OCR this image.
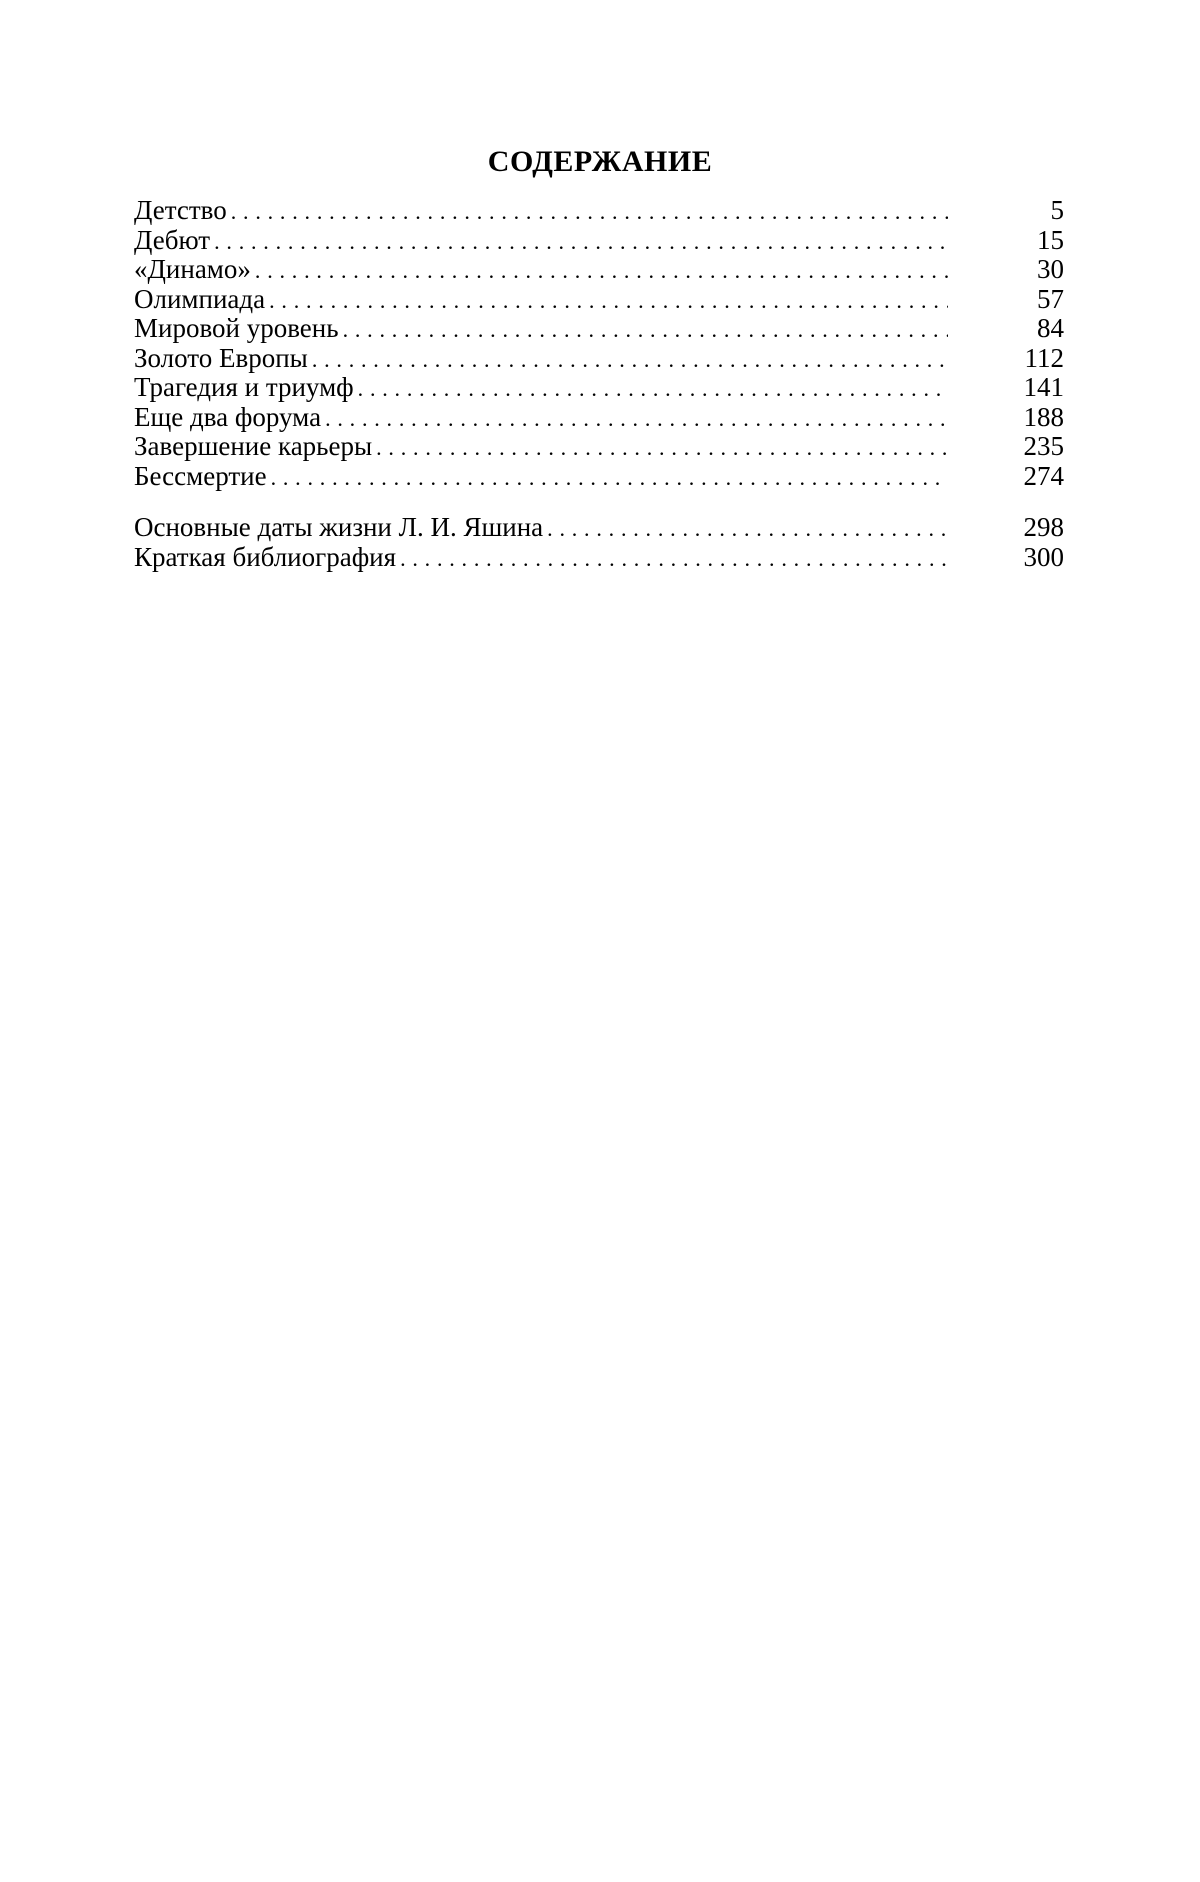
СОДЕРЖАНИЕ
Детство .....	5
Дебют .....	15
«Динамо» .....	30
Олимпиада .....	57
Мировой уровень .....	84
Золото Европы .....	112
Трагедия и триумф .....	141
Еще два форума .....	188
Завершение карьеры .....	235
Бессмертие .....	274
Основные даты жизни Л. И. Яшина .....	298
Краткая библиография .....	300
